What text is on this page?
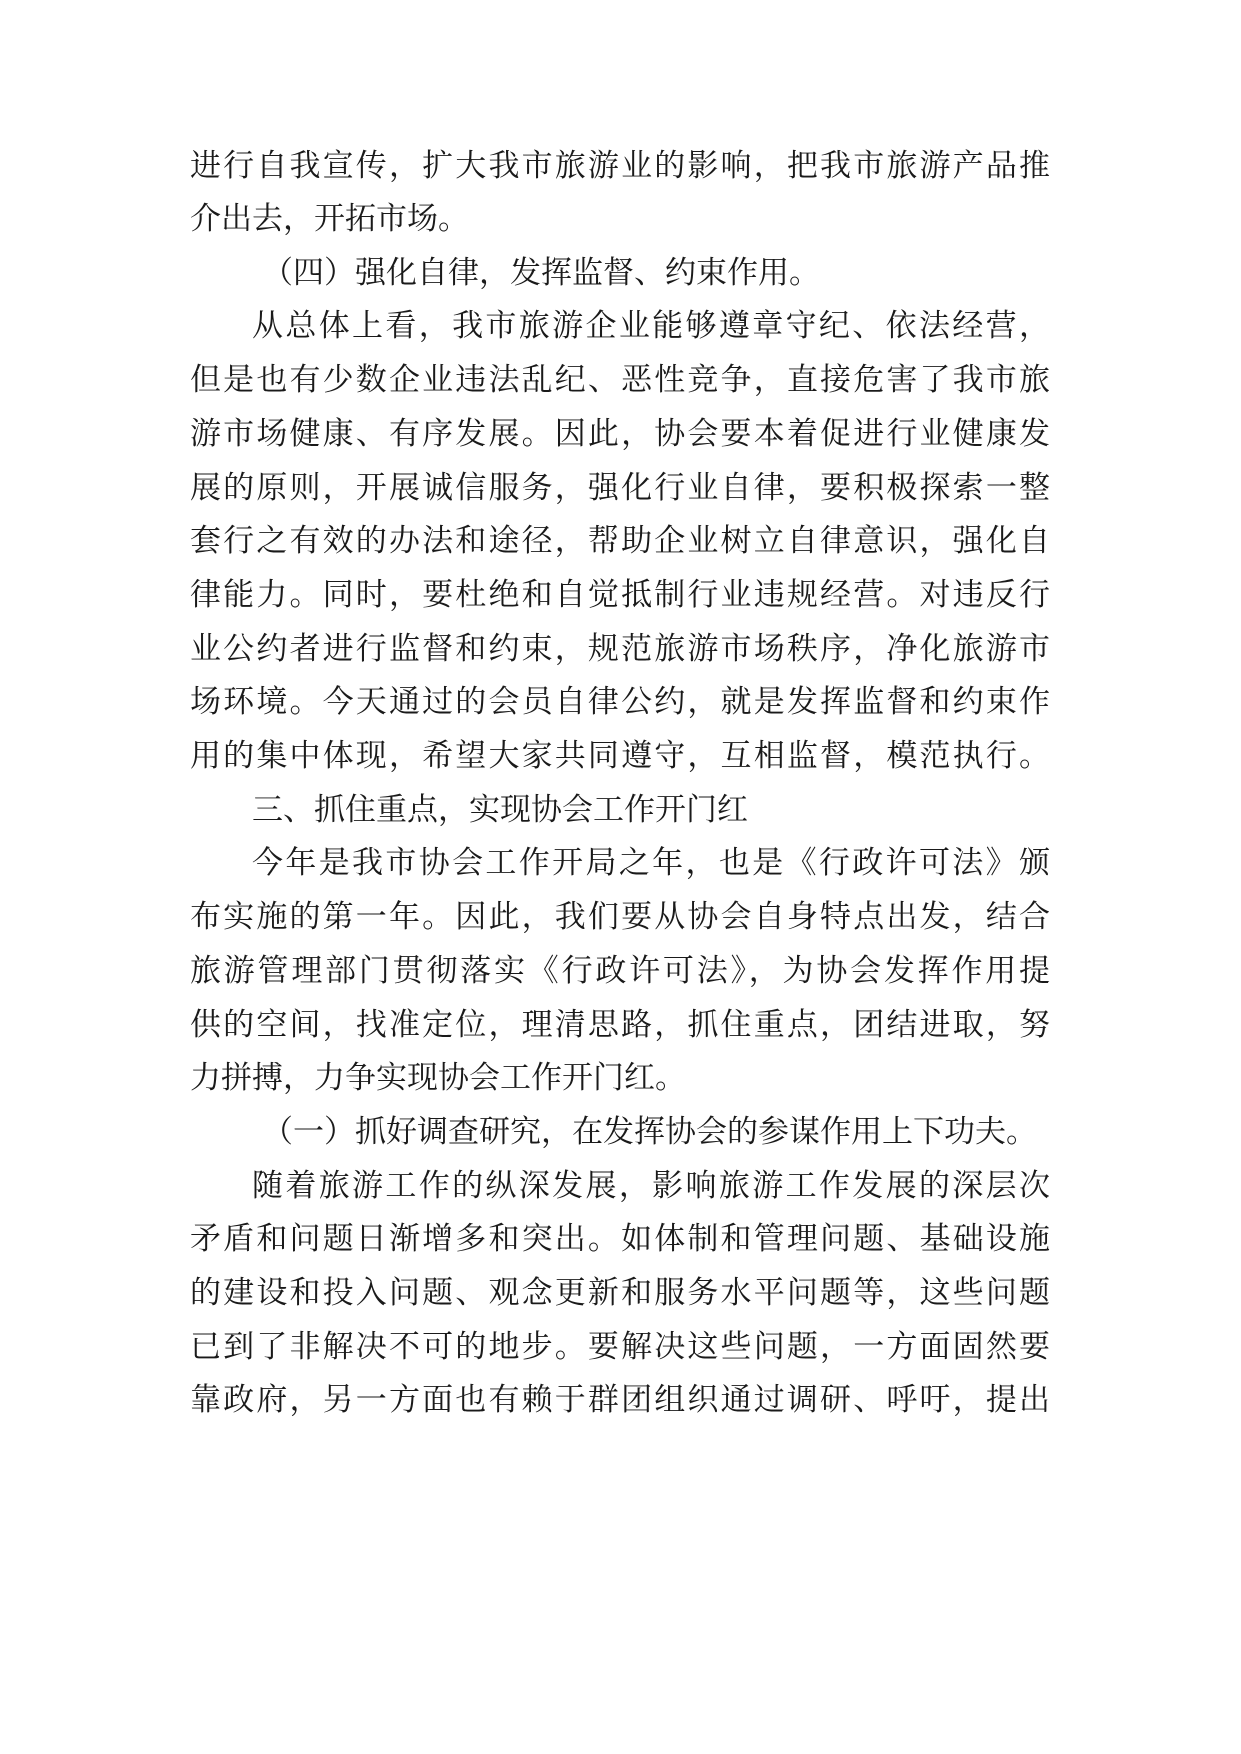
进行自我宣传，扩大我市旅游业的影响，把我市旅游产品推
介出去，开拓市场。
（四）强化自律，发挥监督、约束作用。
从总体上看，我市旅游企业能够遵章守纪、依法经营，
但是也有少数企业违法乱纪、恶性竞争，直接危害了我市旅
游市场健康、有序发展。因此，协会要本着促进行业健康发
展的原则，开展诚信服务，强化行业自律，要积极探索一整
套行之有效的办法和途径，帮助企业树立自律意识，强化自
律能力。同时，要杜绝和自觉抵制行业违规经营。对违反行
业公约者进行监督和约束，规范旅游市场秩序，净化旅游市
场环境。今天通过的会员自律公约，就是发挥监督和约束作
用的集中体现，希望大家共同遵守，互相监督，模范执行。
三、抓住重点，实现协会工作开门红
今年是我市协会工作开局之年，也是《行政许可法》颁
布实施的第一年。因此，我们要从协会自身特点出发，结合
旅游管理部门贯彻落实《行政许可法》，为协会发挥作用提
供的空间，找准定位，理清思路，抓住重点，团结进取，努
力拼搏，力争实现协会工作开门红。
（一）抓好调查研究，在发挥协会的参谋作用上下功夫。
随着旅游工作的纵深发展，影响旅游工作发展的深层次
矛盾和问题日渐增多和突出。如体制和管理问题、基础设施
的建设和投入问题、观念更新和服务水平问题等，这些问题
已到了非解决不可的地步。要解决这些问题，一方面固然要
靠政府，另一方面也有赖于群团组织通过调研、呼吁，提出
